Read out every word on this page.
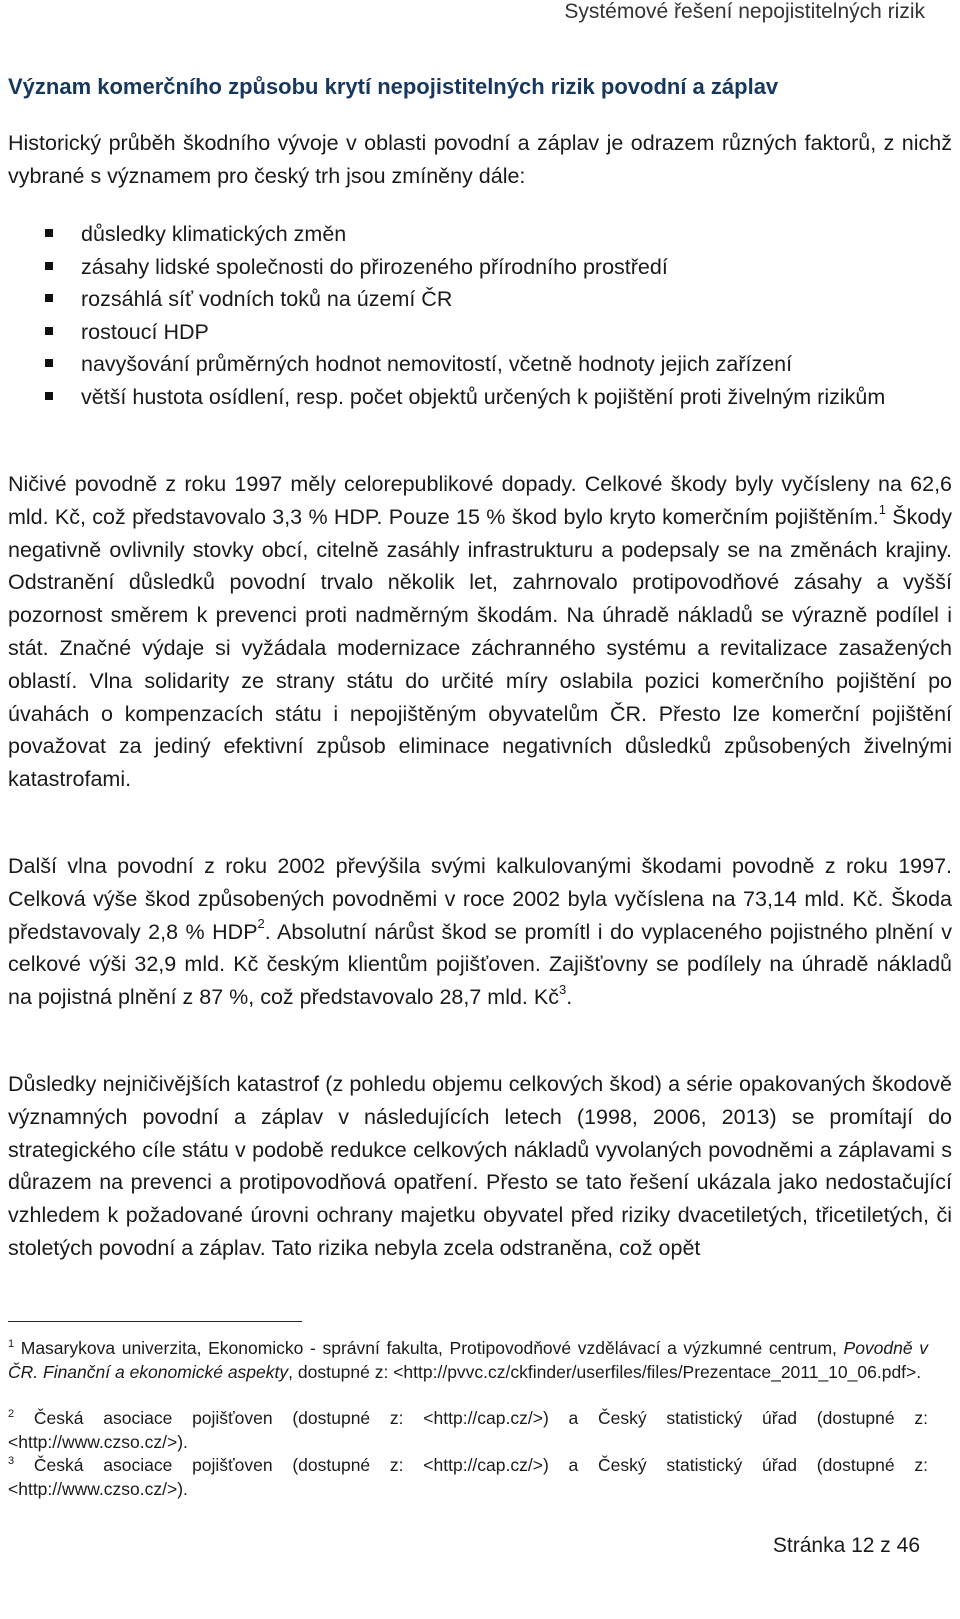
Systémové řešení nepojistitelných rizik
Význam komerčního způsobu krytí nepojistitelných rizik povodní a záplav

Historický průběh škodního vývoje v oblasti povodní a záplav je odrazem různých faktorů, z nichž vybrané s významem pro český trh jsou zmíněny dále:

důsledky klimatických změn
zásahy lidské společnosti do přirozeného přírodního prostředí
rozsáhlá síť vodních toků na území ČR
rostoucí HDP
navyšování průměrných hodnot nemovitostí, včetně hodnoty jejich zařízení
větší hustota osídlení, resp. počet objektů určených k pojištění proti živelným rizikům

Ničivé povodně z roku 1997 měly celorepublikové dopady. Celkové škody byly vyčísleny na 62,6 mld. Kč, což představovalo 3,3 % HDP. Pouze 15 % škod bylo kryto komerčním pojištěním.$^1$ Škody negativně ovlivnily stovky obcí, citelně zasáhly infrastrukturu a podepsaly se na změnách krajiny. Odstranění důsledků povodní trvalo několik let, zahrnovalo protipovodňové zásahy a vyšší pozornost směrem k prevenci proti nadměrným škodám. Na úhradě nákladů se výrazně podílel i stát. Značné výdaje si vyžádala modernizace záchranného systému a revitalizace zasažených oblastí. Vlna solidarity ze strany státu do určité míry oslabila pozici komerčního pojištění po úvahách o kompenzacích státu i nepojištěným obyvatelům ČR. Přesto lze komerční pojištění považovat za jediný efektivní způsob eliminace negativních důsledků způsobených živelnými katastrofami.

Další vlna povodní z roku 2002 převýšila svými kalkulovanými škodami povodně z roku 1997. Celková výše škod způsobených povodněmi v roce 2002 byla vyčíslena na 73,14 mld. Kč. Škoda představovaly 2,8 % HDP$^2$. Absolutní nárůst škod se promítl i do vyplaceného pojistného plnění v celkové výši 32,9 mld. Kč českým klientům pojišťoven. Zajišťovny se podílely na úhradě nákladů na pojistná plnění z 87 %, což představovalo 28,7 mld. $Kč^3$.

Důsledky nejničivějších katastrof (z pohledu objemu celkových škod) a série opakovaných škodově významných povodní a záplav v následujících letech (1998, 2006, 2013) se promítají do strategického cíle státu v podobě redukce celkových nákladů vyvolaných povodněmi a záplavami s důrazem na prevenci a protipovodňová opatření. Přesto se tato řešení ukázala jako nedostačující vzhledem k požadované úrovni ochrany majetku obyvatel před riziky dvacetiletých, třicetiletých, či stoletých povodní a záplav. Tato rizika nebyla zcela odstraněna, což opět

$^1$ Masarykova univerzita, Ekonomicko - správní fakulta, Protipovodňové vzdělávací a výzkumné centrum, Povodně v ČR. Finanční a ekonomické aspekty, dostupné z: <http://pvvc.cz/ckfinder/userfiles/files/Prezentace_2011_10_06.pdf>.

$^2$ Česká asociace pojišťoven (dostupné z: <http://cap.cz/>) a Český statistický úřad (dostupné z: <http://www.czso.cz/>).

$^3$ Česká asociace pojišťoven (dostupné z: <http://cap.cz/>) a Český statistický úřad (dostupné z: <http://www.czso.cz/>).

Stránka 12 z 46
